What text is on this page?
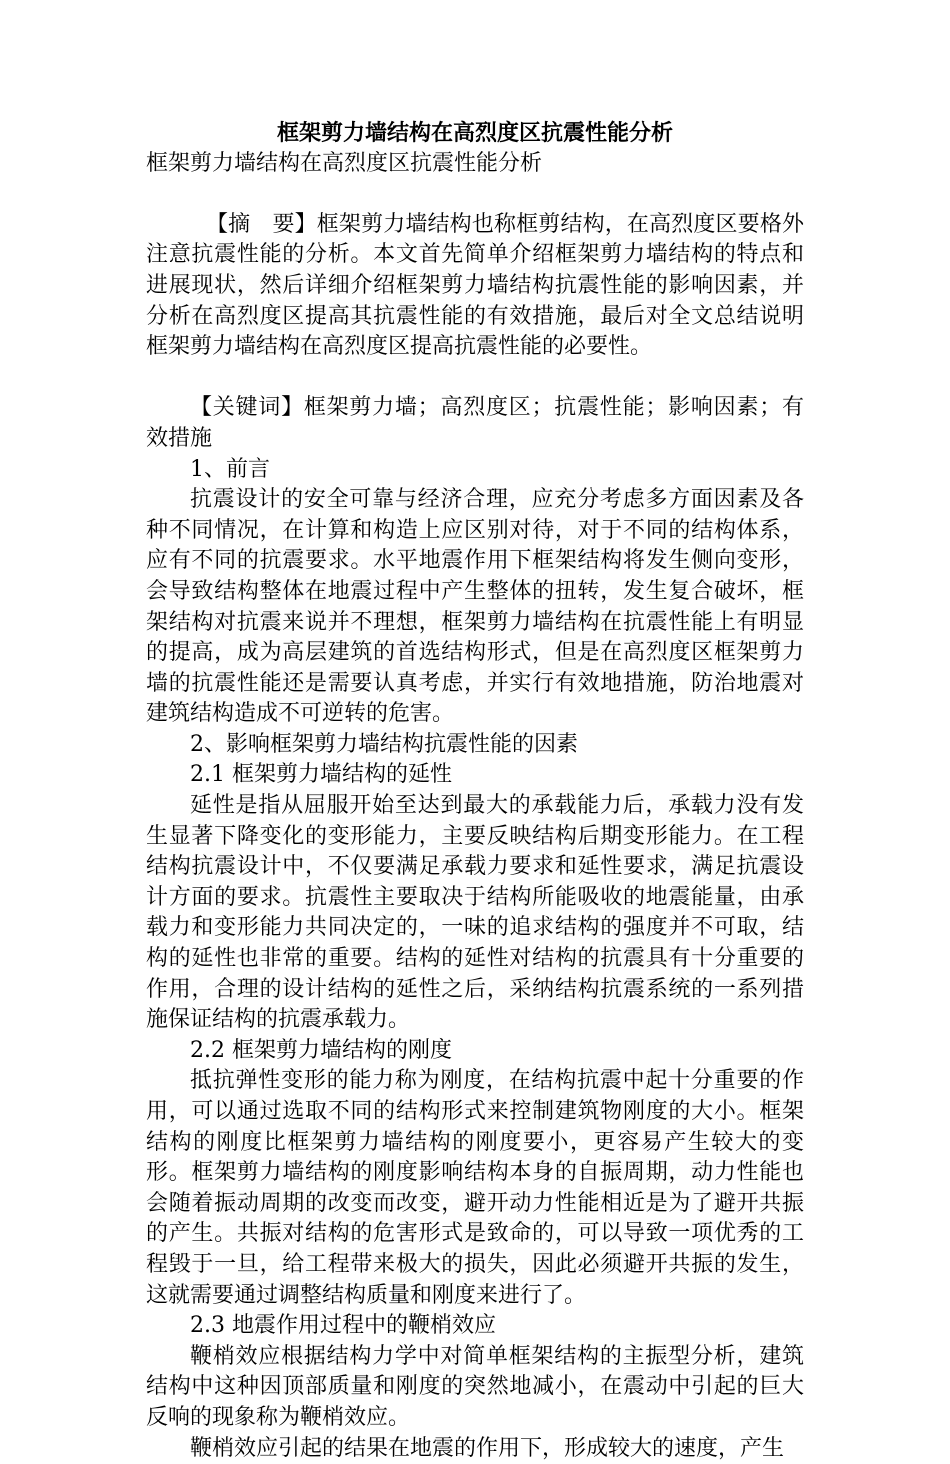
框架剪力墙结构在高烈度区抗震性能分析

框架剪力墙结构在高烈度区抗震性能分析

【摘　要】框架剪力墙结构也称框剪结构，在高烈度区要格外注意抗震性能的分析。本文首先简单介绍框架剪力墙结构的特点和进展现状，然后详细介绍框架剪力墙结构抗震性能的影响因素，并分析在高烈度区提高其抗震性能的有效措施，最后对全文总结说明框架剪力墙结构在高烈度区提高抗震性能的必要性。

【关键词】框架剪力墙；高烈度区；抗震性能；影响因素；有效措施

1、前言

抗震设计的安全可靠与经济合理，应充分考虑多方面因素及各种不同情况，在计算和构造上应区别对待，对于不同的结构体系，应有不同的抗震要求。水平地震作用下框架结构将发生侧向变形，会导致结构整体在地震过程中产生整体的扭转，发生复合破坏，框架结构对抗震来说并不理想，框架剪力墙结构在抗震性能上有明显的提高，成为高层建筑的首选结构形式，但是在高烈度区框架剪力墙的抗震性能还是需要认真考虑，并实行有效地措施，防治地震对建筑结构造成不可逆转的危害。

2、影响框架剪力墙结构抗震性能的因素

2.1 框架剪力墙结构的延性

延性是指从屈服开始至达到最大的承载能力后，承载力没有发生显著下降变化的变形能力，主要反映结构后期变形能力。在工程结构抗震设计中，不仅要满足承载力要求和延性要求，满足抗震设计方面的要求。抗震性主要取决于结构所能吸收的地震能量，由承载力和变形能力共同决定的，一味的追求结构的强度并不可取，结构的延性也非常的重要。结构的延性对结构的抗震具有十分重要的作用，合理的设计结构的延性之后，采纳结构抗震系统的一系列措施保证结构的抗震承载力。

2.2 框架剪力墙结构的刚度

抵抗弹性变形的能力称为刚度，在结构抗震中起十分重要的作用，可以通过选取不同的结构形式来控制建筑物刚度的大小。框架结构的刚度比框架剪力墙结构的刚度要小，更容易产生较大的变形。框架剪力墙结构的刚度影响结构本身的自振周期，动力性能也会随着振动周期的改变而改变，避开动力性能相近是为了避开共振的产生。共振对结构的危害形式是致命的，可以导致一项优秀的工程毁于一旦，给工程带来极大的损失，因此必须避开共振的发生，这就需要通过调整结构质量和刚度来进行了。

2.3 地震作用过程中的鞭梢效应

鞭梢效应根据结构力学中对简单框架结构的主振型分析，建筑结构中这种因顶部质量和刚度的突然地减小，在震动中引起的巨大反响的现象称为鞭梢效应。

鞭梢效应引起的结果在地震的作用下，形成较大的速度，产生
